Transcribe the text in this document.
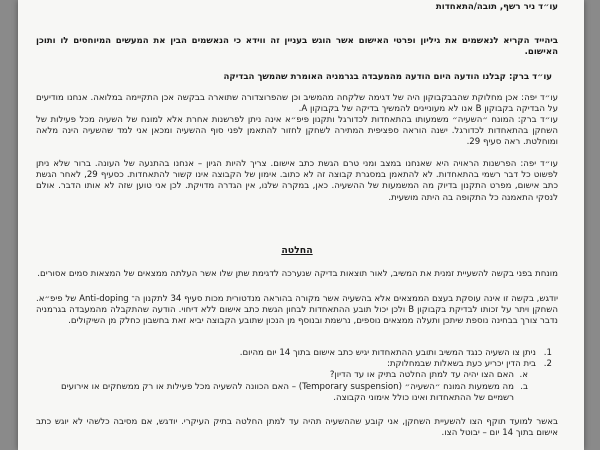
עו״ד ניר רשף, תובה/התאחדות

ביהייד הקריא לנאשמים את גיליון ופרטי האישום אשר הוגש בעניין זה ווידא כי הנאשמים הבין את המעשים המיוחסים לו ותוכן האישום.

עו״ד ברק: קבלנו הודעה היום הודעה מהמעבדה בגרמניה האומרת שהמשך הבדיקה

עו״ד יפה: אכן מחלוקת שהבבקבוקון היה של דגימה שלקחה מהמשיב וכן שהפרוצדורה שתוארה בבקשה אכן התקיימה במלואה. אנחנו מודיעים על הבדיקה בקבוקון B אנו לא מעוניינים להמשיך בדיקה של בקבוקון A.

עו״ד ברק: המונח ״השעיה״ משמעותו בהתאחדות לכדורגל ותקנון פיפ״א אינה ניתן לפרשנות אחרת אלא למונח של השעיה מכל פעילות של השחקן בהתאחדות לכדורגל. ישנה הוראה ספציפית המתירה לשחקן לחזור להתאמן לפני סוף ההשעיה ומכאן אני למד שהשעיה הינה מלאה ומוחלטת. ראה סעיף 29.

עו״ד יפה: הפרשנות הראויה היא שאנחנו במצב ומני טרם הגשת כתב אישום. צריך להיות הגיון – אנחנו בהתנעה של העונה. ברור שלא ניתן לפשוט כל דבר רשמי בהתאחדות. לא להתאמן במסגרת קבוצה זה לא כתוב. אימון של הקבוצה אינו קשור להתאחדות. כסעיף 29, לאחר הגשת כתב אישום, מפרט התקנון בדיוק מה המשמעות של ההשעיה. כאן, במקרה שלנו, אין הגדרה מדויקת. לכן אני טוען שזה לא אותו הדבר. אולם לנסקי התאמנה כל התקופה בה היתה מושעית.

החלטה

מונחת בפני בקשה להשעיית זמנית את המשיב, לאור תוצאות בדיקה שנערכה לדגימת שתן שלו אשר העלתה ממצאים של המצאות סמים אסורים.

יודגש, בקשה זו אינה עוסקת בעצם הממצאים אלא בהשעיה אשר מקורה בהוראה מנדטורית מכות סעיף 34 לתקנון ה־ Anti-doping של פיפ״א. השחקן ויתר על זכותו לבדיקת בקבוקון B ולכן יכול תובע ההתאחדות לבחון הגשת כתב אישום ללא דיחוי. הודעה שהתקבלה מהמעבדה בגרמניה נדבר צורך בבחינה נוספת שיתכן ותעלה ממצאים נוספים, נרשמת ובנוסף מן הנכון שתובע הקבוצה יביא זאת בחשבון כחלק מן השיקולים.

1.
ניתן צו השעיה כנגד המשיב ותובע ההתאחדות יגיש כתב אישום בתוך 14 יום מהיום.
2.
בית הדין יכריע כעת בשאלות שבמחלוקת:
א.
האם הצו יהיה עד למתן החלטה בתיק או עד הדיון?
ב.
מה משמעות המונח ״השעיה״ (Temporary suspension) – האם הכוונה להשעיה מכל פעילות או רק ממשחקים או אירועים רשמיים של ההתאחדות ואינו כולל אימוני הקבוצה.

באשר למועד תוקף הצו להשעיית השחקן, אני קובע שההשעיה תהיה עד למתן החלטה בתיק העיקרי. יודגש, אם מסיבה כלשהי לא יוגש כתב אישום בתוך 14 יום – יבוטל הצו.
